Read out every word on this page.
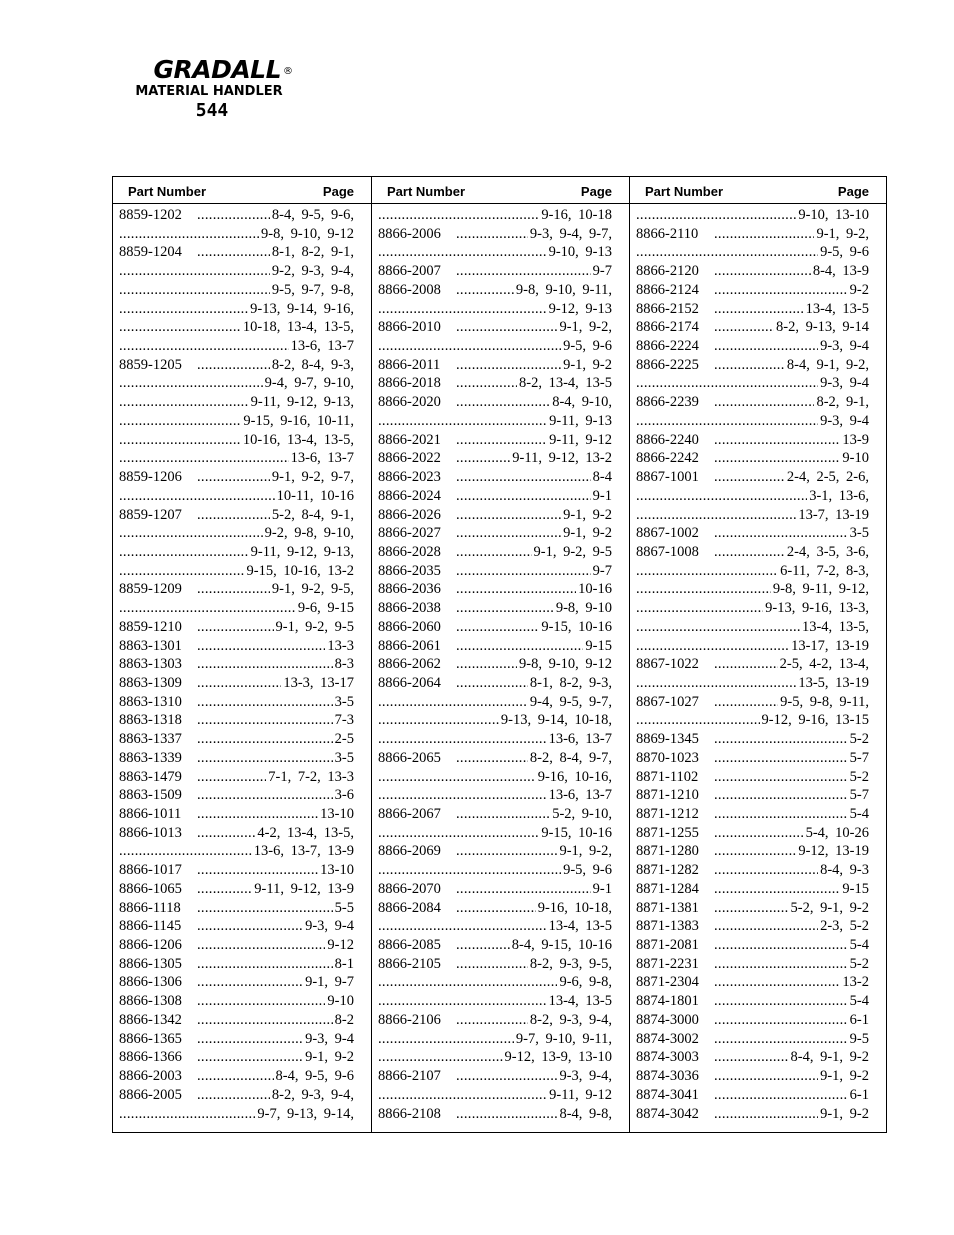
GRADALL ®
MATERIAL HANDLER
544
Part Number	Page
8859-1202 .....	8-4, 9-5, 9-6,
.....
9-8, 9-10, 9-12
8859-1204 .....	8-1, 8-2, 9-1,
.....
9-2, 9-3, 9-4,
.....
9-5, 9-7, 9-8,
.....
9-13, 9-14, 9-16,
.....
10-18, 13-4, 13-5,
.....
13-6, 13-7
8859-1205 .....	8-2, 8-4, 9-3,
.....
9-4, 9-7, 9-10,
.....
9-11, 9-12, 9-13,
.....
9-15, 9-16, 10-11,
.....
10-16, 13-4, 13-5,
.....
13-6, 13-7
8859-1206 .....	9-1, 9-2, 9-7,
.....
10-11, 10-16
8859-1207 .....	5-2, 8-4, 9-1,
.....
9-2, 9-8, 9-10,
.....
9-11, 9-12, 9-13,
.....
9-15, 10-16, 13-2
8859-1209 .....	9-1, 9-2, 9-5,
.....
9-6, 9-15
8859-1210 .....	9-1, 9-2, 9-5
8863-1301 .....	13-3
8863-1303 .....	8-3
8863-1309 .....	13-3, 13-17
8863-1310 .....	3-5
8863-1318 .....	7-3
8863-1337 .....	2-5
8863-1339 .....	3-5
8863-1479 .....	7-1, 7-2, 13-3
8863-1509 .....	3-6
8866-1011 .....	13-10
8866-1013 .....	4-2, 13-4, 13-5,
.....
13-6, 13-7, 13-9
8866-1017 .....	13-10
8866-1065 .....	9-11, 9-12, 13-9
8866-1118 .....	5-5
8866-1145 .....	9-3, 9-4
8866-1206 .....	9-12
8866-1305 .....	8-1
8866-1306 .....	9-1, 9-7
8866-1308 .....	9-10
8866-1342 .....	8-2
8866-1365 .....	9-3, 9-4
8866-1366 .....	9-1, 9-2
8866-2003 .....	8-4, 9-5, 9-6
8866-2005 .....	8-2, 9-3, 9-4,
.....
9-7, 9-13, 9-14,
Part Number	Page
.....
9-16, 10-18
8866-2006 .....	9-3, 9-4, 9-7,
.....
9-10, 9-13
8866-2007 .....	9-7
8866-2008 .....	9-8, 9-10, 9-11,
.....
9-12, 9-13
8866-2010 .....	9-1, 9-2,
.....
9-5, 9-6
8866-2011 .....	9-1, 9-2
8866-2018 .....	8-2, 13-4, 13-5
8866-2020 .....	8-4, 9-10,
.....
9-11, 9-13
8866-2021 .....	9-11, 9-12
8866-2022 .....	9-11, 9-12, 13-2
8866-2023 .....	8-4
8866-2024 .....	9-1
8866-2026 .....	9-1, 9-2
8866-2027 .....	9-1, 9-2
8866-2028 .....	9-1, 9-2, 9-5
8866-2035 .....	9-7
8866-2036 .....	10-16
8866-2038 .....	9-8, 9-10
8866-2060 .....	9-15, 10-16
8866-2061 .....	9-15
8866-2062 .....	9-8, 9-10, 9-12
8866-2064 .....	8-1, 8-2, 9-3,
.....
9-4, 9-5, 9-7,
.....
9-13, 9-14, 10-18,
.....
13-6, 13-7
8866-2065 .....	8-2, 8-4, 9-7,
.....
9-16, 10-16,
.....
13-6, 13-7
8866-2067 .....	5-2, 9-10,
.....
9-15, 10-16
8866-2069 .....	9-1, 9-2,
.....
9-5, 9-6
8866-2070 .....	9-1
8866-2084 .....	9-16, 10-18,
.....
13-4, 13-5
8866-2085 .....	8-4, 9-15, 10-16
8866-2105 .....	8-2, 9-3, 9-5,
.....
9-6, 9-8,
.....
13-4, 13-5
8866-2106 .....	8-2, 9-3, 9-4,
.....
9-7, 9-10, 9-11,
.....
9-12, 13-9, 13-10
8866-2107 .....	9-3, 9-4,
.....
9-11, 9-12
8866-2108 .....	8-4, 9-8,
Part Number	Page
.....
9-10, 13-10
8866-2110 .....	9-1, 9-2,
.....
9-5, 9-6
8866-2120 .....	8-4, 13-9
8866-2124 .....	9-2
8866-2152 .....	13-4, 13-5
8866-2174 .....	8-2, 9-13, 9-14
8866-2224 .....	9-3, 9-4
8866-2225 .....	8-4, 9-1, 9-2,
.....
9-3, 9-4
8866-2239 .....	8-2, 9-1,
.....
9-3, 9-4
8866-2240 .....	13-9
8866-2242 .....	9-10
8867-1001 .....	2-4, 2-5, 2-6,
.....
3-1, 13-6,
.....
13-7, 13-19
8867-1002 .....	3-5
8867-1008 .....	2-4, 3-5, 3-6,
.....
6-11, 7-2, 8-3,
.....
9-8, 9-11, 9-12,
.....
9-13, 9-16, 13-3,
.....
13-4, 13-5,
.....
13-17, 13-19
8867-1022 .....	2-5, 4-2, 13-4,
.....
13-5, 13-19
8867-1027 .....	9-5, 9-8, 9-11,
.....
9-12, 9-16, 13-15
8869-1345 .....	5-2
8870-1023 .....	5-7
8871-1102 .....	5-2
8871-1210 .....	5-7
8871-1212 .....	5-4
8871-1255 .....	5-4, 10-26
8871-1280 .....	9-12, 13-19
8871-1282 .....	8-4, 9-3
8871-1284 .....	9-15
8871-1381 .....	5-2, 9-1, 9-2
8871-1383 .....	2-3, 5-2
8871-2081 .....	5-4
8871-2231 .....	5-2
8871-2304 .....	13-2
8874-1801 .....	5-4
8874-3000 .....	6-1
8874-3002 .....	9-5
8874-3003 .....	8-4, 9-1, 9-2
8874-3036 .....	9-1, 9-2
8874-3041 .....	6-1
8874-3042 .....	9-1, 9-2
